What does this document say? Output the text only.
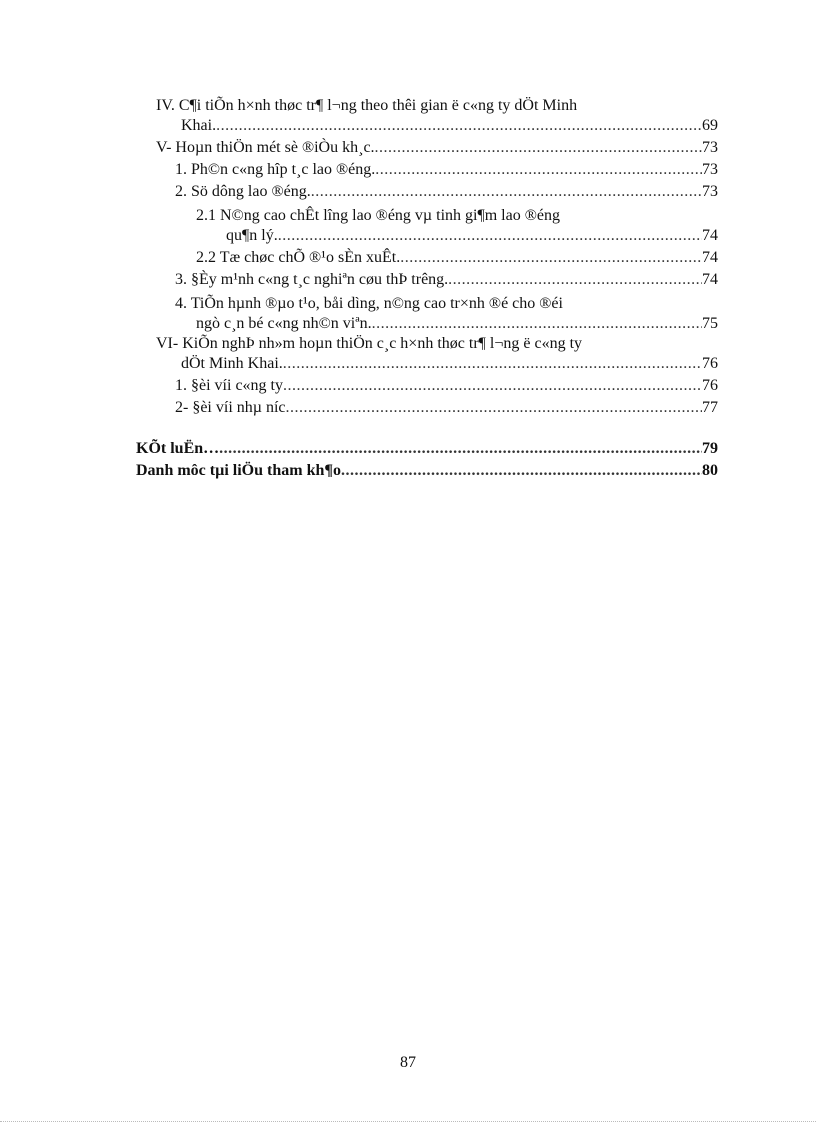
IV. C¶i tiÕn h×nh thøc tr¶ l¬ng theo thêi gian ë c«ng ty dÖt Minh
Khai. .....	69
V- Hoµn thiÖn mét sè ®iÒu kh¸c. .....	73
1. Ph©n c«ng hîp t¸c lao ®éng. .....	73
2. Sö dông lao ®éng. .....	73
2.1 N©ng cao chÊt lîng lao ®éng vµ tinh gi¶m lao ®éng
qu¶n lý. .....	74
2.2 Tæ chøc chÕ ®¹o sÈn xuÊt. .....	74
3. §Èy m¹nh c«ng t¸c nghiªn cøu thÞ trêng. .....	74
4. TiÕn hµnh ®µo t¹o, båi dìng, n©ng cao tr×nh ®é cho ®éi
ngò c¸n bé c«ng nh©n viªn. .....	75
VI- KiÕn nghÞ nh»m hoµn thiÖn c¸c h×nh thøc tr¶ l¬ng ë c«ng ty
dÖt Minh Khai. .....	76
1. §èi víi c«ng ty .....	76
2- §èi víi nhµ níc .....	77
KÕt luËn… .....	79
Danh môc tµi liÖu tham kh¶o .....	80
87
